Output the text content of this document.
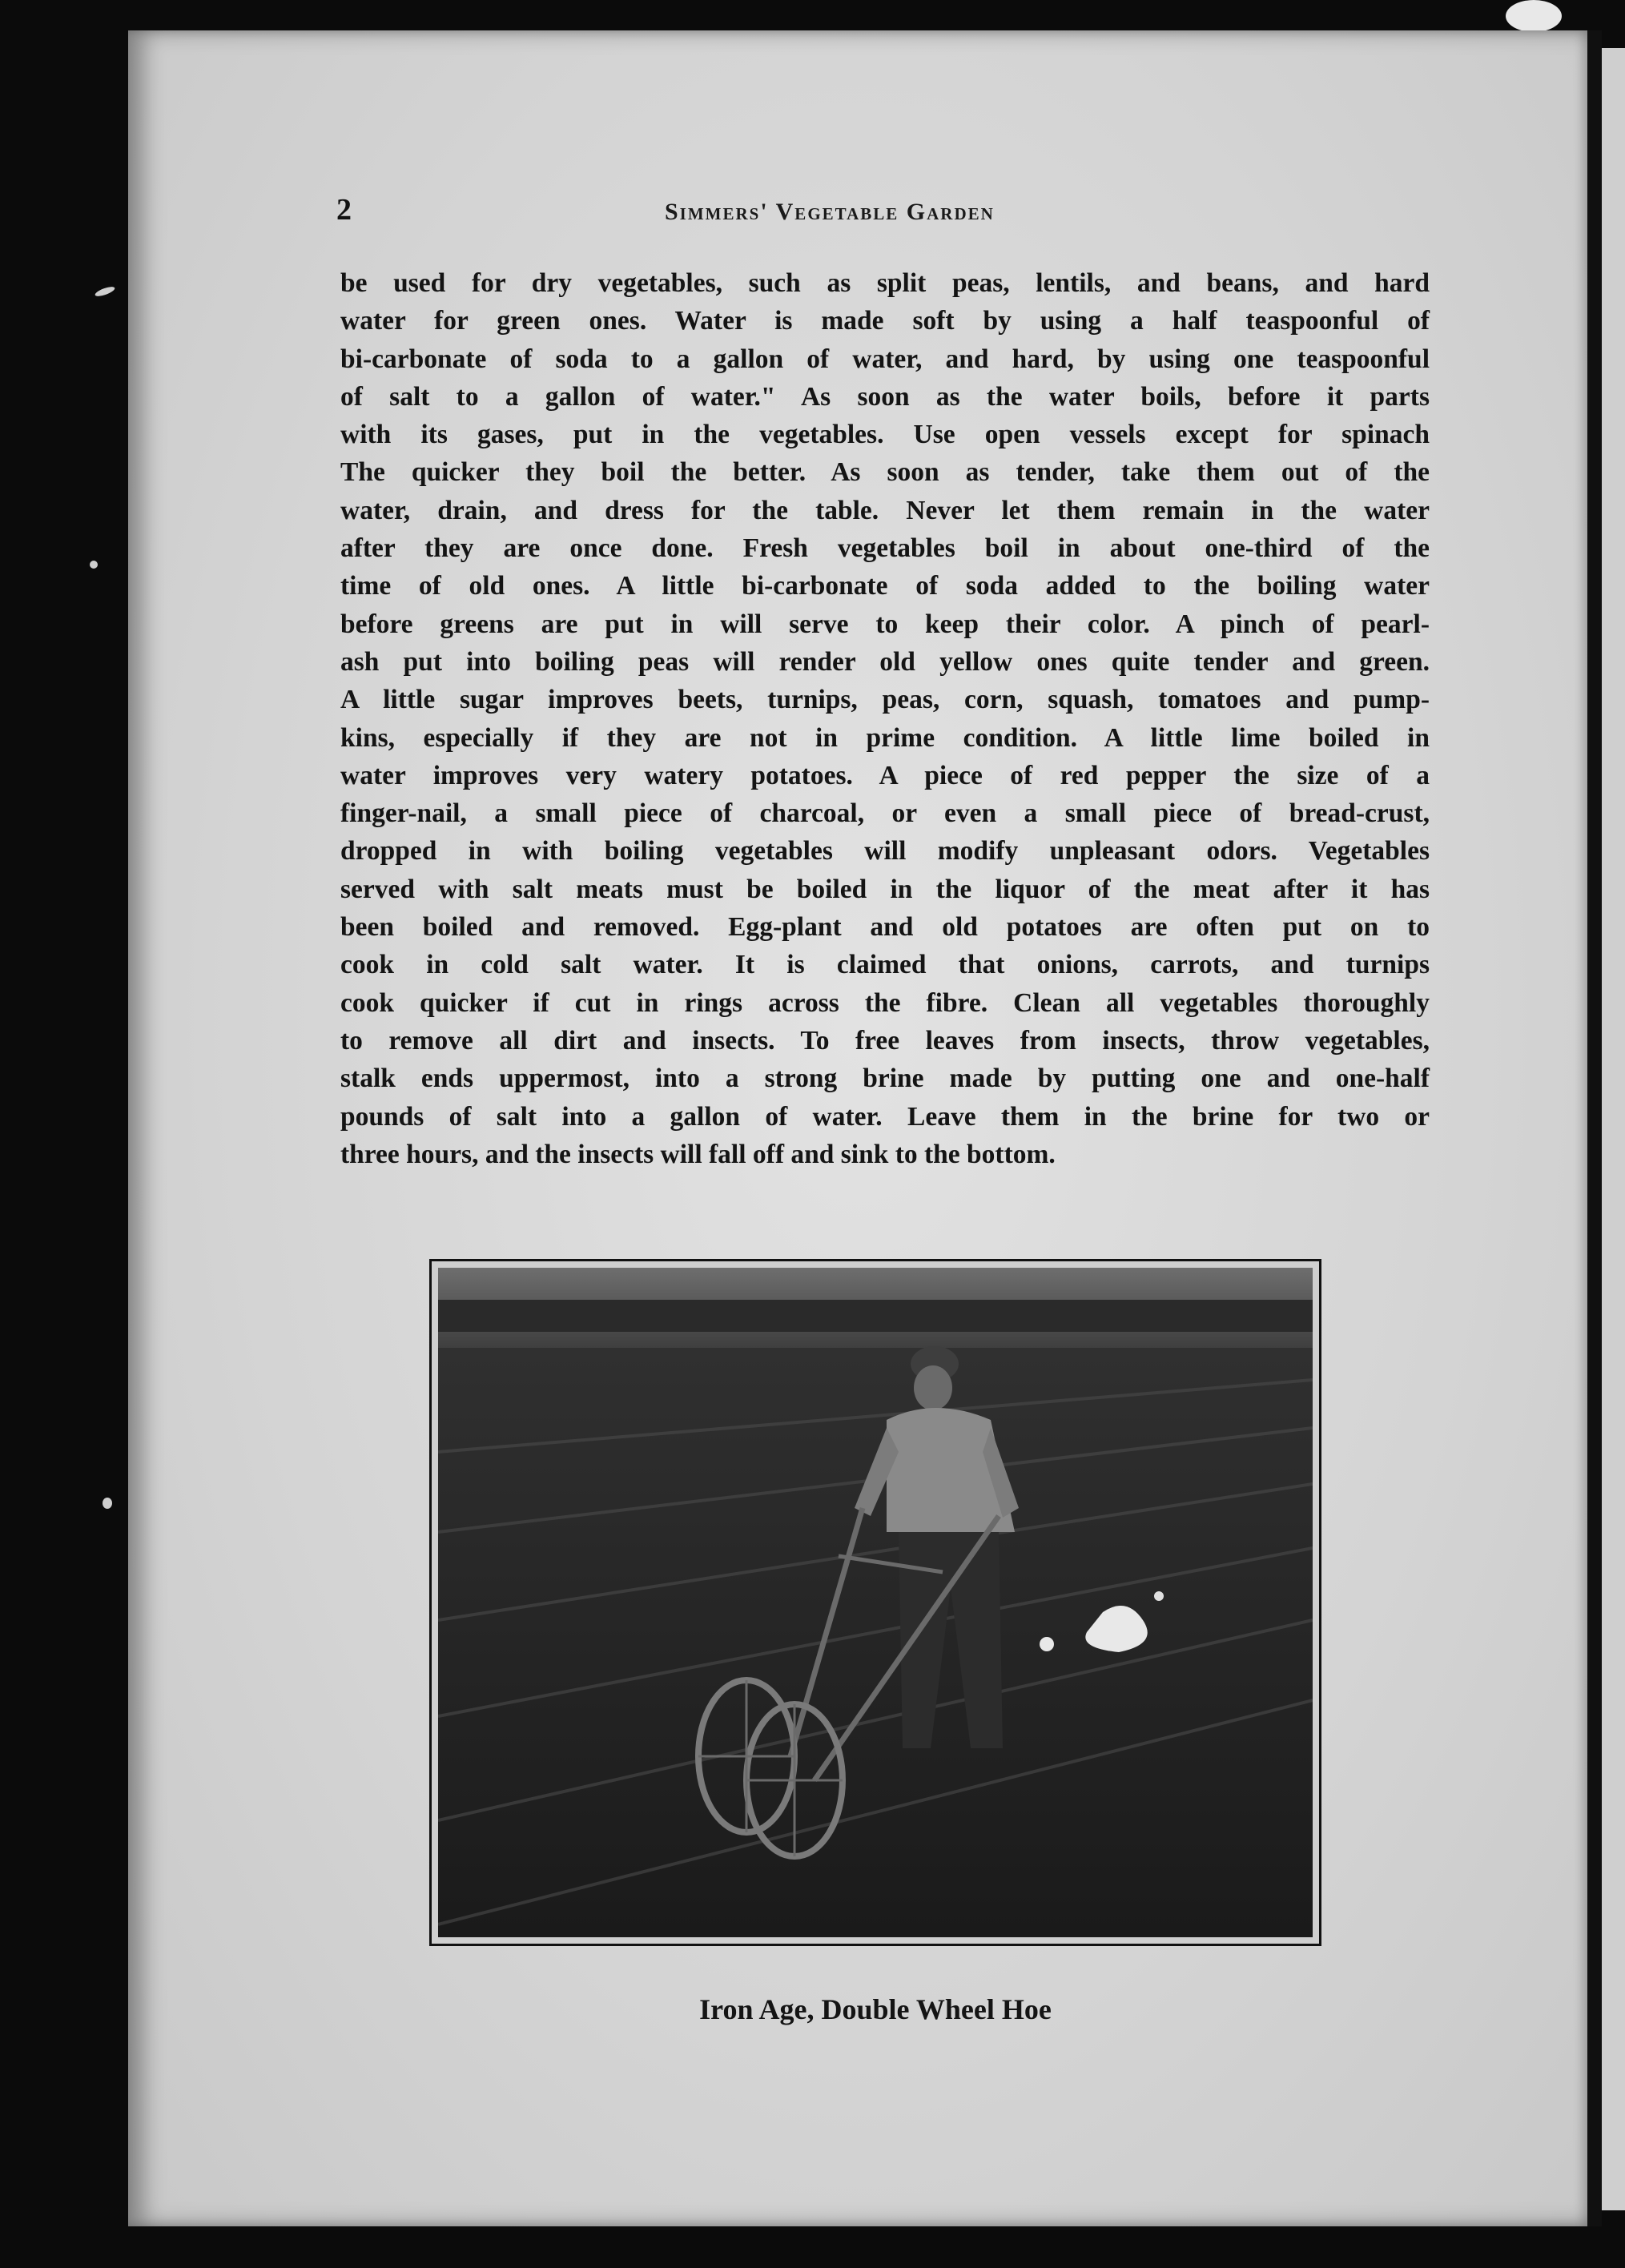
2	Simmers' Vegetable Garden
be used for dry vegetables, such as split peas, lentils, and beans, and hard
water for green ones. Water is made soft by using a half teaspoonful of
bi-carbonate of soda to a gallon of water, and hard, by using one teaspoonful
of salt to a gallon of water." As soon as the water boils, before it parts
with its gases, put in the vegetables. Use open vessels except for spinach
The quicker they boil the better. As soon as tender, take them out of the
water, drain, and dress for the table. Never let them remain in the water
after they are once done. Fresh vegetables boil in about one-third of the
time of old ones. A little bi-carbonate of soda added to the boiling water
before greens are put in will serve to keep their color. A pinch of pearl-
ash put into boiling peas will render old yellow ones quite tender and green.
A little sugar improves beets, turnips, peas, corn, squash, tomatoes and pump-
kins, especially if they are not in prime condition. A little lime boiled in
water improves very watery potatoes. A piece of red pepper the size of a
finger-nail, a small piece of charcoal, or even a small piece of bread-crust,
dropped in with boiling vegetables will modify unpleasant odors. Vegetables
served with salt meats must be boiled in the liquor of the meat after it has
been boiled and removed. Egg-plant and old potatoes are often put on to
cook in cold salt water. It is claimed that onions, carrots, and turnips
cook quicker if cut in rings across the fibre. Clean all vegetables thoroughly
to remove all dirt and insects. To free leaves from insects, throw vegetables,
stalk ends uppermost, into a strong brine made by putting one and one-half
pounds of salt into a gallon of water. Leave them in the brine for two or
three hours, and the insects will fall off and sink to the bottom.
Iron Age, Double Wheel Hoe
